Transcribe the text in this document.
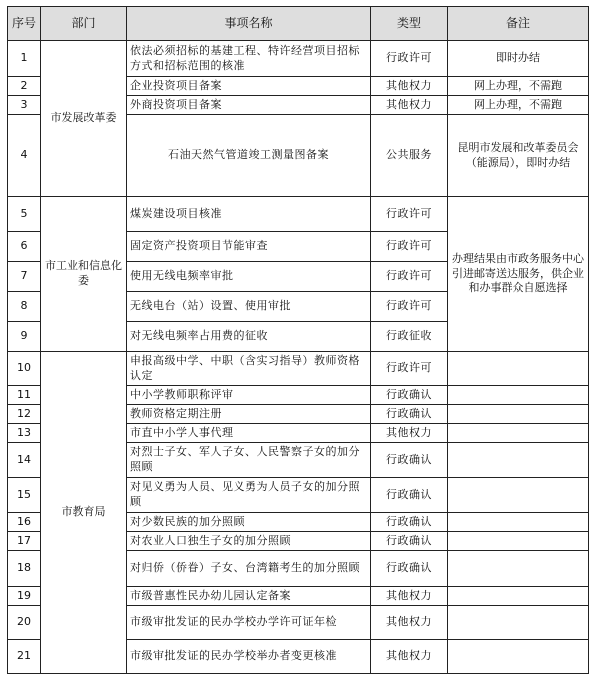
序号	部门	事项名称	类型	备注
1	市发展改革委	依法必须招标的基建工程、特许经营项目招标方式和招标范围的核准	行政许可	即时办结
2		企业投资项目备案	其他权力	网上办理，不需跑
3		外商投资项目备案	其他权力	网上办理，不需跑
4		石油天然气管道竣工测量图备案	公共服务	昆明市发展和改革委员会（能源局），即时办结
5	市工业和信息化委	煤炭建设项目核准	行政许可	办理结果由市政务服务中心引进邮寄送达服务，供企业和办事群众自愿选择
6		固定资产投资项目节能审查	行政许可	
7		使用无线电频率审批	行政许可	
8		无线电台（站）设置、使用审批	行政许可	
9		对无线电频率占用费的征收	行政征收	
10	市教育局	申报高级中学、中职（含实习指导）教师资格认定	行政许可	
11		中小学教师职称评审	行政确认	
12		教师资格定期注册	行政确认	
13		市直中小学人事代理	其他权力	
14		对烈士子女、军人子女、人民警察子女的加分照顾	行政确认	
15		对见义勇为人员、见义勇为人员子女的加分照顾	行政确认	
16		对少数民族的加分照顾	行政确认	
17		对农业人口独生子女的加分照顾	行政确认	
18		对归侨（侨眷）子女、台湾籍考生的加分照顾	行政确认	
19		市级普惠性民办幼儿园认定备案	其他权力	
20		市级审批发证的民办学校办学许可证年检	其他权力	
21		市级审批发证的民办学校举办者变更核准	其他权力	
